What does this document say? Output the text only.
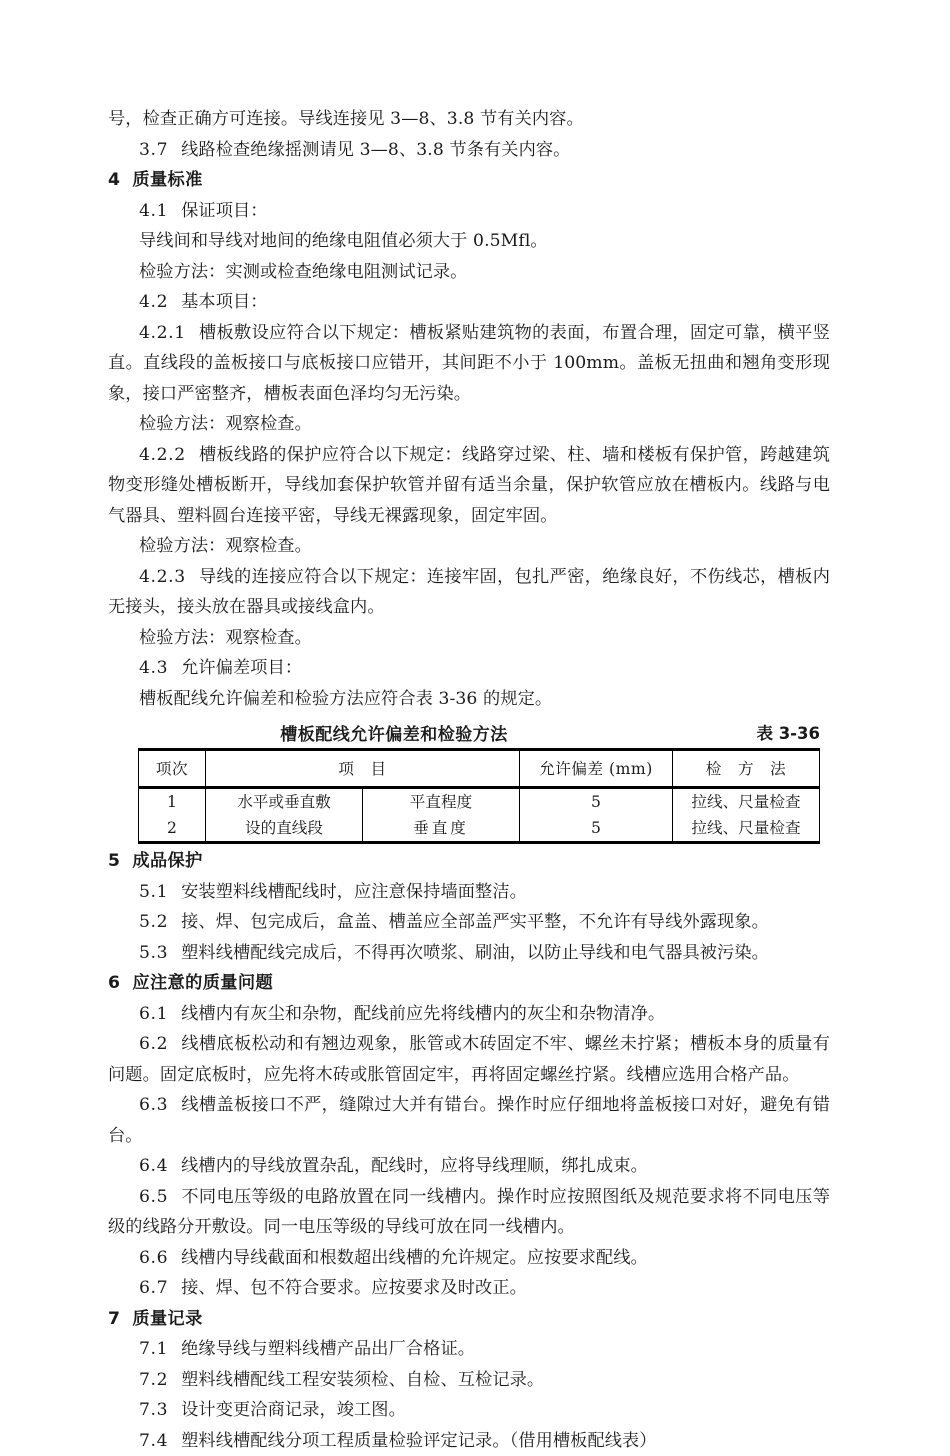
号，检查正确方可连接。导线连接见 3—8、3.8 节有关内容。

3.7 线路检查绝缘摇测请见 3—8、3.8 节条有关内容。

4 质量标准

4.1 保证项目：

导线间和导线对地间的绝缘电阻值必须大于 0.5Mfl。

检验方法：实测或检查绝缘电阻测试记录。

4.2 基本项目：

4.2.1 槽板敷设应符合以下规定：槽板紧贴建筑物的表面，布置合理，固定可靠，横平竖直。直线段的盖板接口与底板接口应错开，其间距不小于 100mm。盖板无扭曲和翘角变形现象，接口严密整齐，槽板表面色泽均匀无污染。

检验方法：观察检查。

4.2.2 槽板线路的保护应符合以下规定：线路穿过梁、柱、墙和楼板有保护管，跨越建筑物变形缝处槽板断开，导线加套保护软管并留有适当余量，保护软管应放在槽板内。线路与电气器具、塑料圆台连接平密，导线无裸露现象，固定牢固。

检验方法：观察检查。

4.2.3 导线的连接应符合以下规定：连接牢固，包扎严密，绝缘良好，不伤线芯，槽板内无接头，接头放在器具或接线盒内。

检验方法：观察检查。

4.3 允许偏差项目：

槽板配线允许偏差和检验方法应符合表 3-36 的规定。

槽板配线允许偏差和检验方法	表 3-36
项次	项　目		允许偏差 (mm)	检　方　法
1	水平或垂直敷	平直程度	5	拉线、尺量检查
2	设的直线段	垂直度	5	拉线、尺量检查

5 成品保护

5.1 安装塑料线槽配线时，应注意保持墙面整洁。

5.2 接、焊、包完成后，盒盖、槽盖应全部盖严实平整，不允许有导线外露现象。

5.3 塑料线槽配线完成后，不得再次喷浆、刷油，以防止导线和电气器具被污染。

6 应注意的质量问题

6.1 线槽内有灰尘和杂物，配线前应先将线槽内的灰尘和杂物清净。

6.2 线槽底板松动和有翘边观象，胀管或木砖固定不牢、螺丝未拧紧；槽板本身的质量有问题。固定底板时，应先将木砖或胀管固定牢，再将固定螺丝拧紧。线槽应选用合格产品。

6.3 线槽盖板接口不严，缝隙过大并有错台。操作时应仔细地将盖板接口对好，避免有错台。

6.4 线槽内的导线放置杂乱，配线时，应将导线理顺，绑扎成束。

6.5 不同电压等级的电路放置在同一线槽内。操作时应按照图纸及规范要求将不同电压等级的线路分开敷设。同一电压等级的导线可放在同一线槽内。

6.6 线槽内导线截面和根数超出线槽的允许规定。应按要求配线。

6.7 接、焊、包不符合要求。应按要求及时改正。

7 质量记录

7.1 绝缘导线与塑料线槽产品出厂合格证。

7.2 塑料线槽配线工程安装须检、自检、互检记录。

7.3 设计变更洽商记录，竣工图。

7.4 塑料线槽配线分项工程质量检验评定记录。（借用槽板配线表）
